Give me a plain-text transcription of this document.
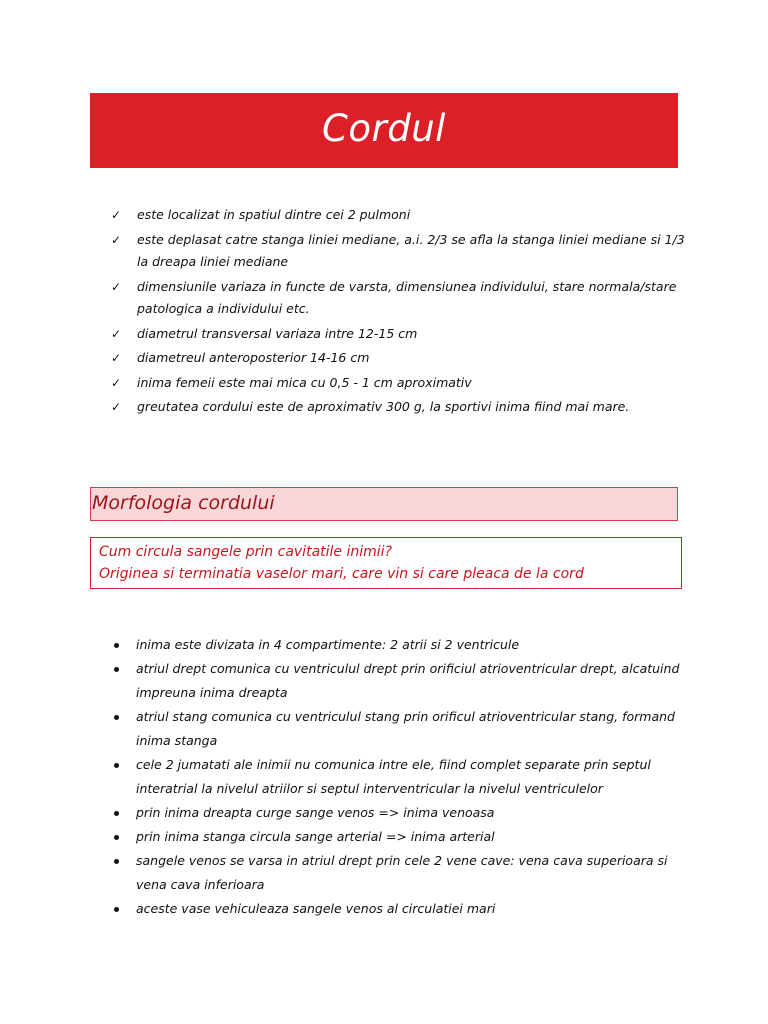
Cordul
✓ este localizat in spatiul dintre cei 2 pulmoni
✓ este deplasat catre stanga liniei mediane, a.i. 2/3 se afla la stanga liniei mediane si 1/3 la dreapa liniei mediane
✓ dimensiunile variaza in functe de varsta, dimensiunea individului, stare normala/stare patologica a individului etc.
✓ diametrul transversal variaza intre 12-15 cm
✓ diametreul anteroposterior 14-16 cm
✓ inima femeii este mai mica cu 0,5 - 1 cm aproximativ
✓ greutatea cordului este de aproximativ 300 g, la sportivi inima fiind mai mare.
Morfologia cordului
Cum circula sangele prin cavitatile inimii?
Originea si terminatia vaselor mari, care vin si care pleaca de la cord
inima este divizata in 4 compartimente: 2 atrii si 2 ventricule
atriul drept comunica cu ventriculul drept prin orificiul atrioventricular drept, alcatuind impreuna inima dreapta
atriul stang comunica cu ventriculul stang prin orificul atrioventricular stang, formand inima stanga
cele 2 jumatati ale inimii nu comunica intre ele, fiind complet separate prin septul interatrial la nivelul atriilor si septul interventricular la nivelul ventriculelor
prin inima dreapta curge sange venos => inima venoasa
prin inima stanga circula sange arterial => inima arterial
sangele venos se varsa in atriul drept prin cele 2 vene cave: vena cava superioara si vena cava inferioara
aceste vase vehiculeaza sangele venos al circulatiei mari
